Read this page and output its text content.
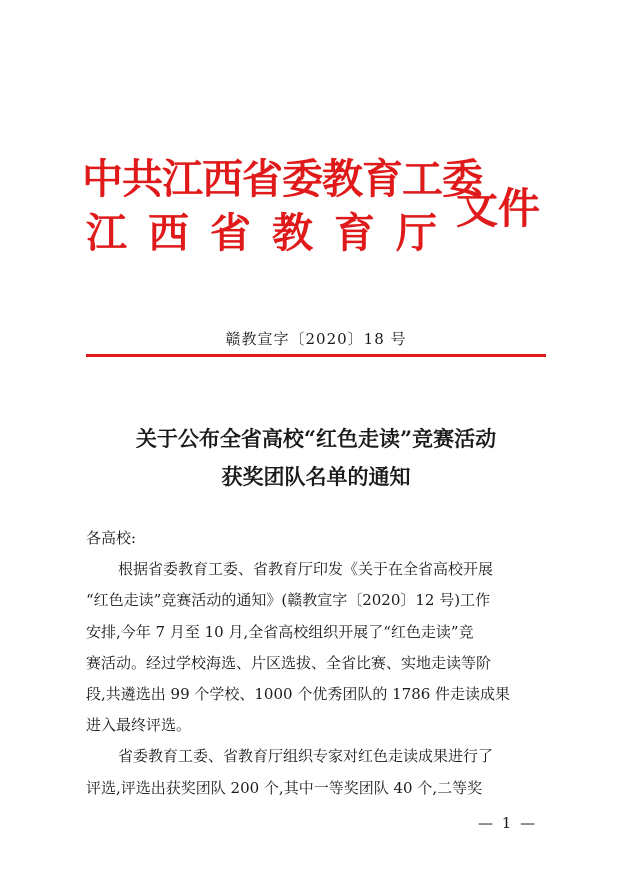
中共江西省委教育工委
江西省教育厅
文件
赣教宣字〔2020〕18 号
关于公布全省高校“红色走读”竞赛活动
获奖团队名单的通知
各高校:
根据省委教育工委、省教育厅印发《关于在全省高校开展
“红色走读”竞赛活动的通知》(赣教宣字〔2020〕12 号)工作
安排,今年 7 月至 10 月,全省高校组织开展了“红色走读”竞
赛活动。经过学校海选、片区选拔、全省比赛、实地走读等阶
段,共遴选出 99 个学校、1000 个优秀团队的 1786 件走读成果
进入最终评选。
省委教育工委、省教育厅组织专家对红色走读成果进行了
评选,评选出获奖团队 200 个,其中一等奖团队 40 个,二等奖
— 1 —
